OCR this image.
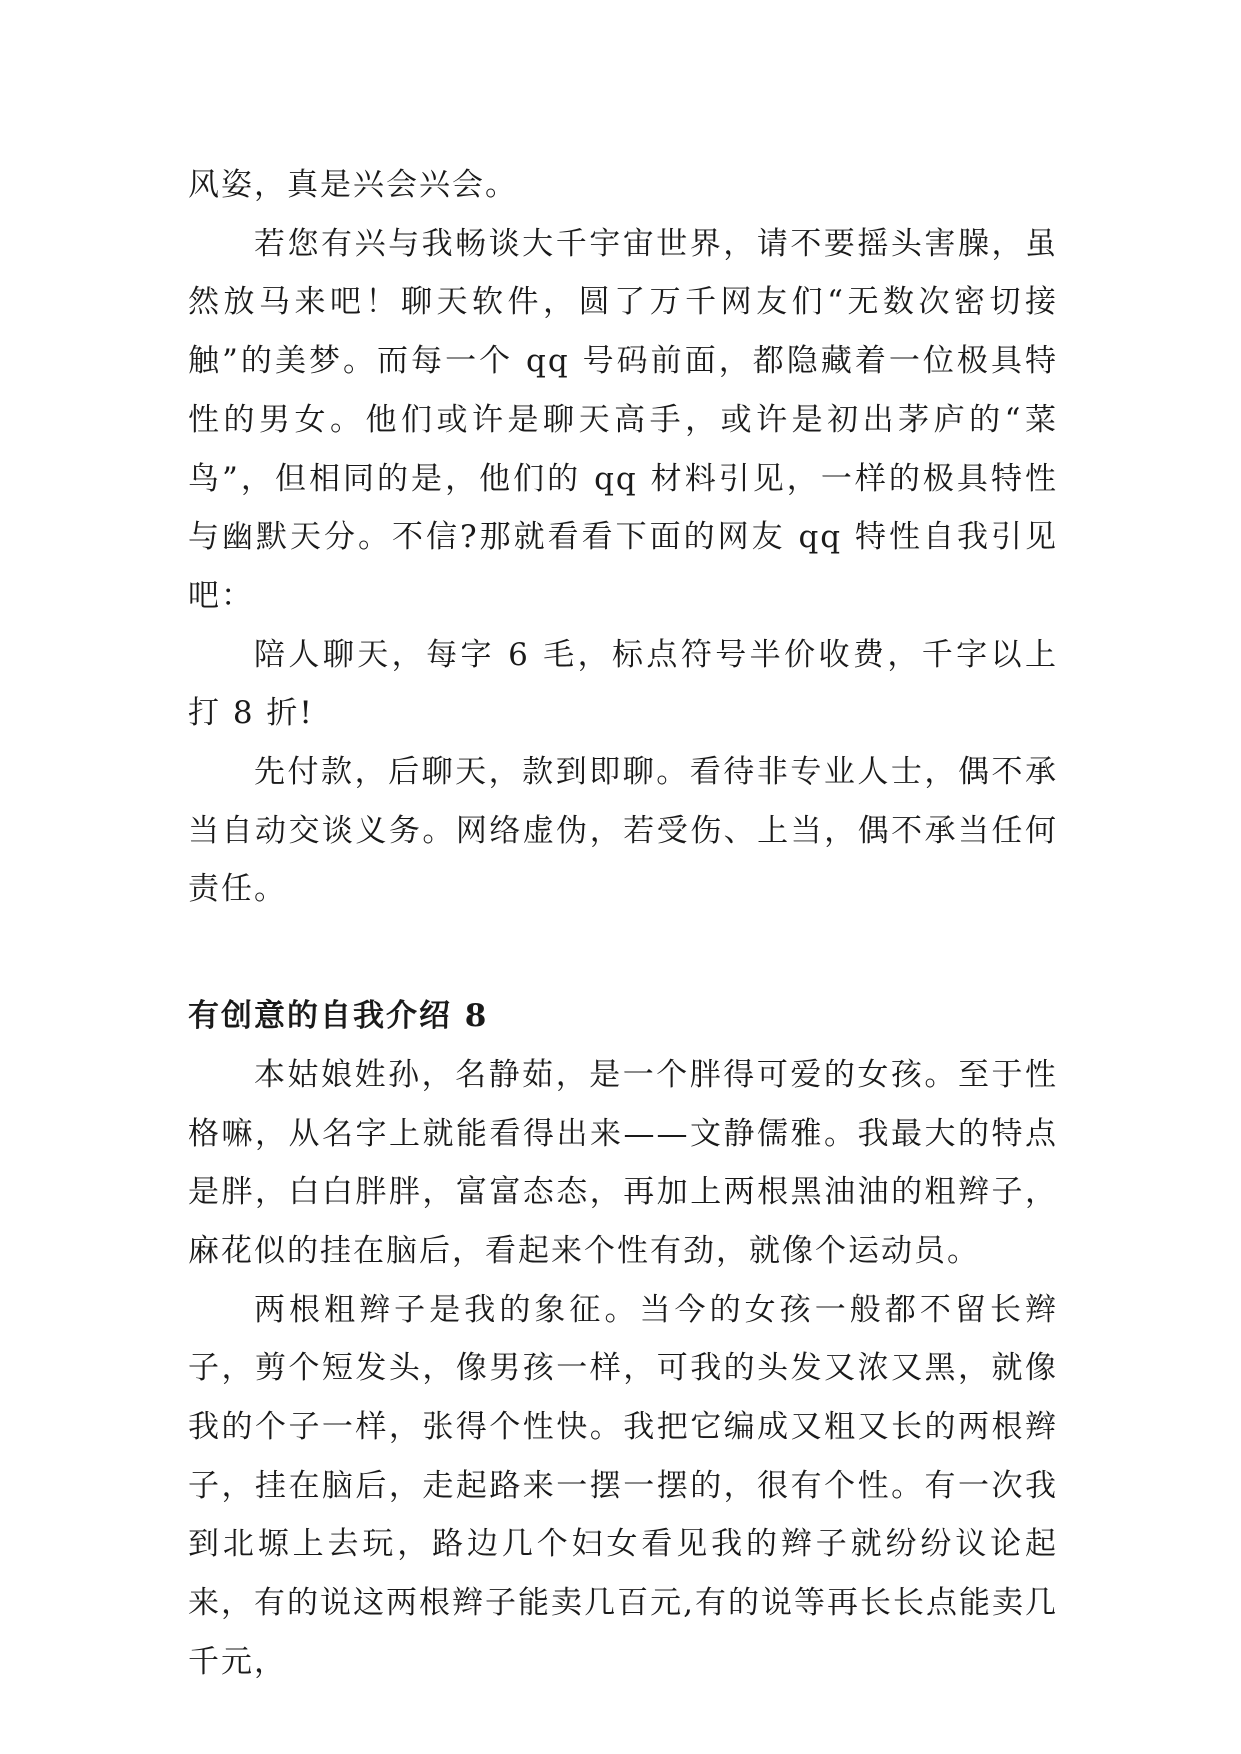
风姿，真是兴会兴会。

若您有兴与我畅谈大千宇宙世界，请不要摇头害臊，虽然放马来吧！聊天软件，圆了万千网友们“无数次密切接触”的美梦。而每一个 qq 号码前面，都隐藏着一位极具特性的男女。他们或许是聊天高手，或许是初出茅庐的“菜鸟”，但相同的是，他们的 qq 材料引见，一样的极具特性与幽默天分。不信?那就看看下面的网友 qq 特性自我引见吧：

陪人聊天，每字 6 毛，标点符号半价收费，千字以上打 8 折!

先付款，后聊天，款到即聊。看待非专业人士，偶不承当自动交谈义务。网络虚伪，若受伤、上当，偶不承当任何责任。

有创意的自我介绍 8

本姑娘姓孙，名静茹，是一个胖得可爱的女孩。至于性格嘛，从名字上就能看得出来——文静儒雅。我最大的特点是胖，白白胖胖，富富态态，再加上两根黑油油的粗辫子，麻花似的挂在脑后，看起来个性有劲，就像个运动员。

两根粗辫子是我的象征。当今的女孩一般都不留长辫子，剪个短发头，像男孩一样，可我的头发又浓又黑，就像我的个子一样，张得个性快。我把它编成又粗又长的两根辫子，挂在脑后，走起路来一摆一摆的，很有个性。有一次我到北塬上去玩，路边几个妇女看见我的辫子就纷纷议论起来，有的说这两根辫子能卖几百元,有的说等再长长点能卖几千元，
